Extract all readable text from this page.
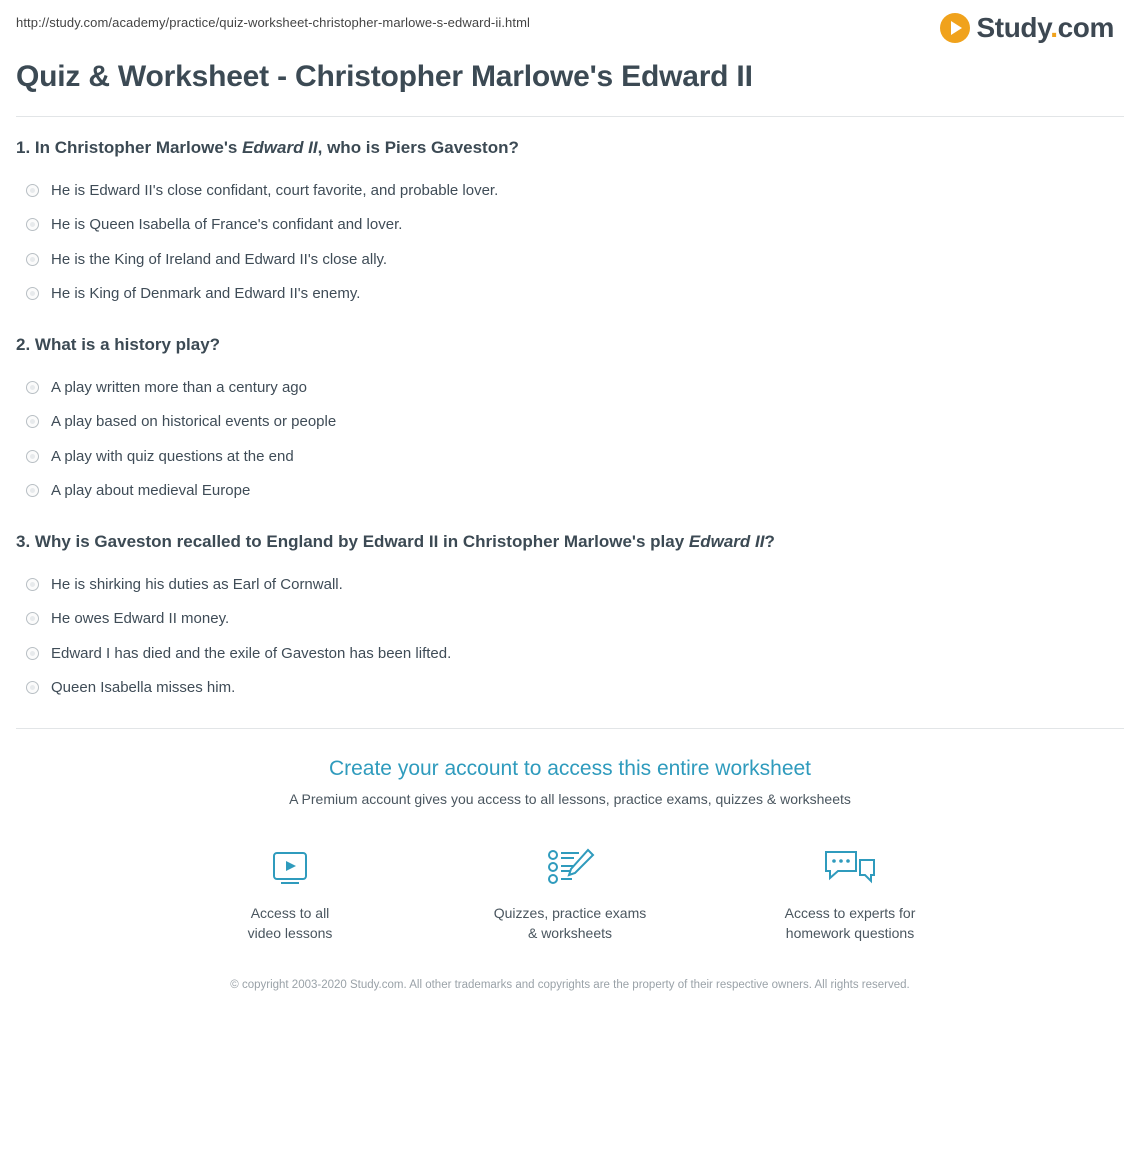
http://study.com/academy/practice/quiz-worksheet-christopher-marlowe-s-edward-ii.html	Study.com
Quiz & Worksheet - Christopher Marlowe's Edward II

1. In Christopher Marlowe's Edward II, who is Piers Gaveston?

He is Edward II's close confidant, court favorite, and probable lover.
He is Queen Isabella of France's confidant and lover.
He is the King of Ireland and Edward II's close ally.
He is King of Denmark and Edward II's enemy.

2. What is a history play?

A play written more than a century ago
A play based on historical events or people
A play with quiz questions at the end
A play about medieval Europe

3. Why is Gaveston recalled to England by Edward II in Christopher Marlowe's play Edward II?

He is shirking his duties as Earl of Cornwall.
He owes Edward II money.
Edward I has died and the exile of Gaveston has been lifted.
Queen Isabella misses him.
Create your account to access this entire worksheet
A Premium account gives you access to all lessons, practice exams, quizzes & worksheets
Access to all
video lessons
Quizzes, practice exams
& worksheets
Access to experts for
homework questions
© copyright 2003-2020 Study.com. All other trademarks and copyrights are the property of their respective owners. All rights reserved.
